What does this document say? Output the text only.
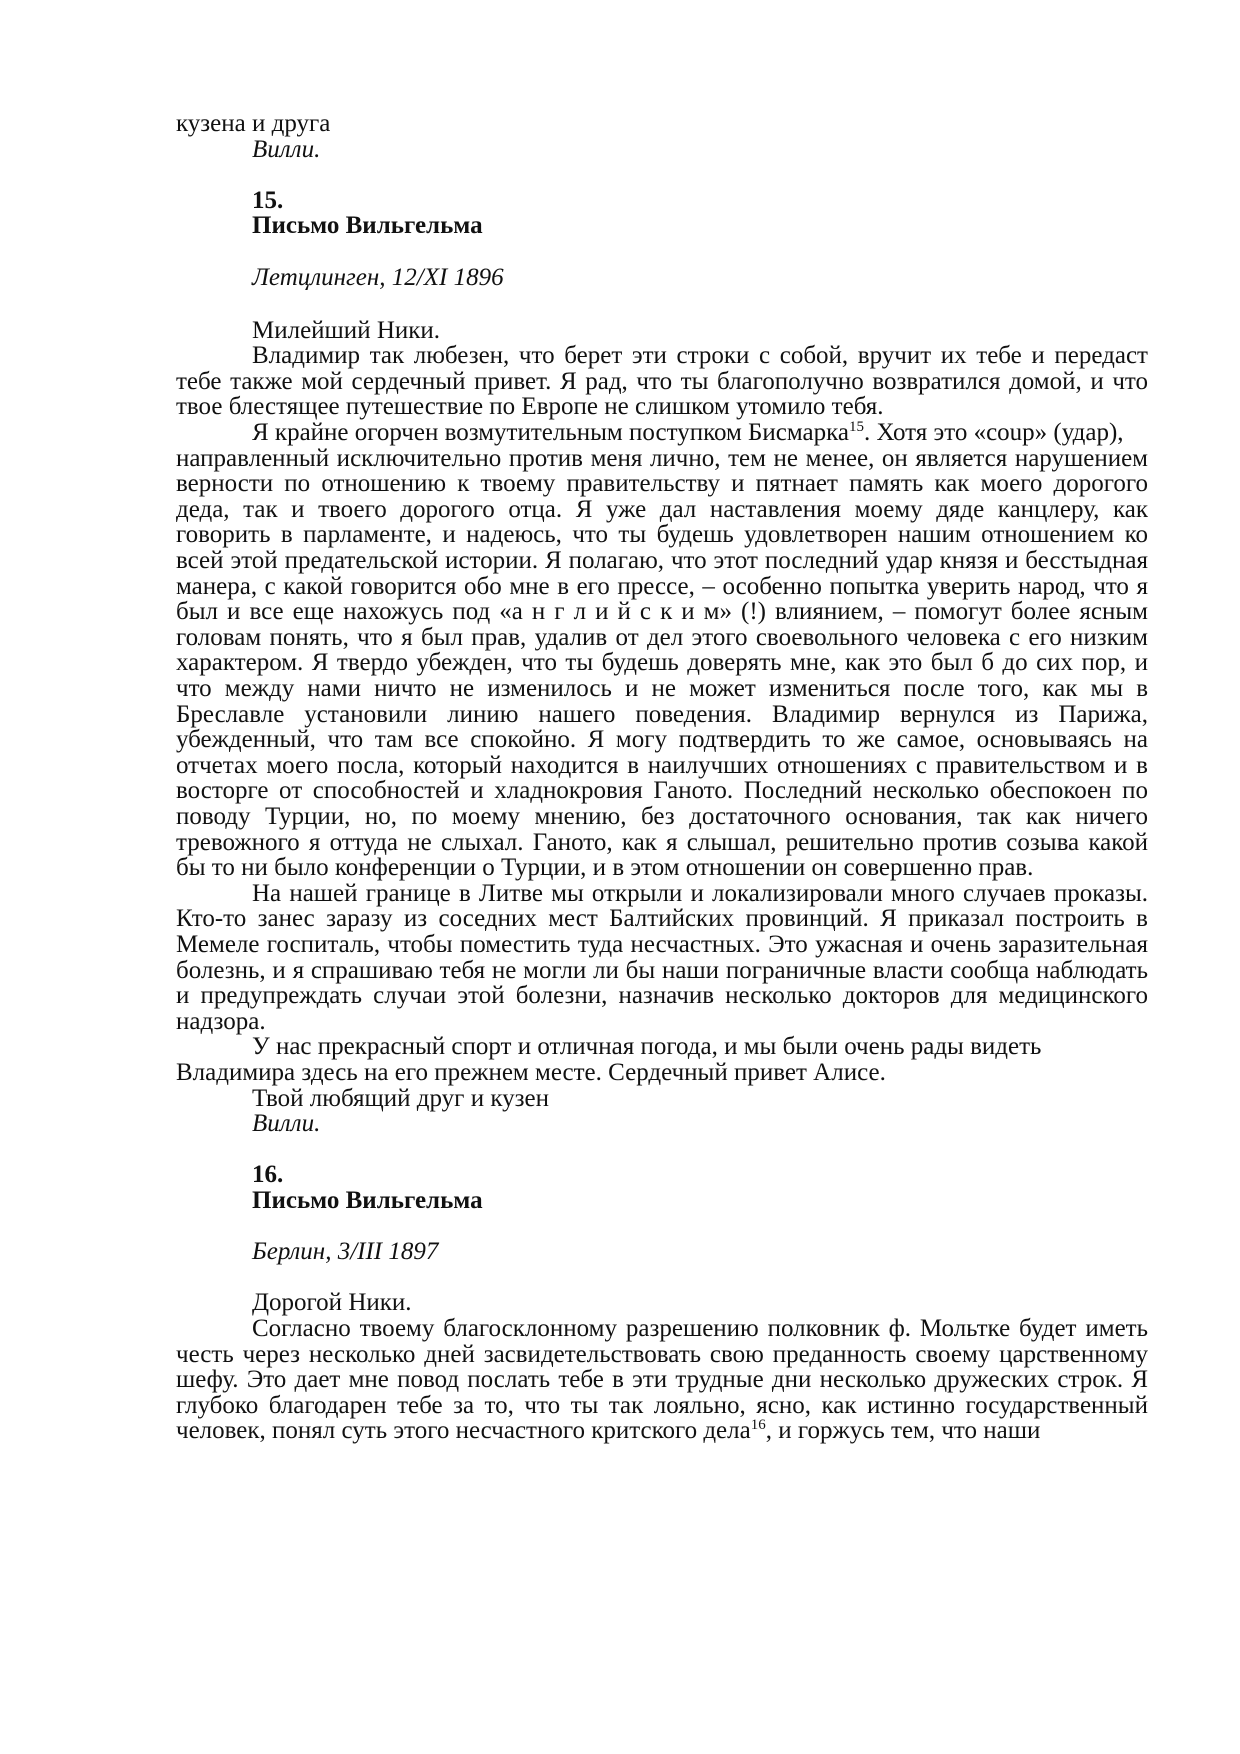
кузена и друга
Вилли.
15.
Письмо Вильгельма
Летцлинген, 12/XI 1896
Милейший Ники.
Владимир так любезен, что берет эти строки с собой, вручит их тебе и передаст
тебе также мой сердечный привет. Я рад, что ты благополучно возвратился домой, и что
твое блестящее путешествие по Европе не слишком утомило тебя.
Я крайне огорчен возмутительным поступком Бисмарка$^{15}$. Хотя это «coup» (удар),
направленный исключительно против меня лично, тем не менее, он является нарушением
верности по отношению к твоему правительству и пятнает память как моего дорогого
деда, так и твоего дорогого отца. Я уже дал наставления моему дяде канцлеру, как
говорить в парламенте, и надеюсь, что ты будешь удовлетворен нашим отношением ко
всей этой предательской истории. Я полагаю, что этот последний удар князя и бесстыдная
манера, с какой говорится обо мне в его прессе, – особенно попытка уверить народ, что я
был и все еще нахожусь под «а н г л и й с к и м» (!) влиянием, – помогут более ясным
головам понять, что я был прав, удалив от дел этого своевольного человека с его низким
характером. Я твердо убежден, что ты будешь доверять мне, как это был б до сих пор, и
что между нами ничто не изменилось и не может измениться после того, как мы в
Бреславле установили линию нашего поведения. Владимир вернулся из Парижа,
убежденный, что там все спокойно. Я могу подтвердить то же самое, основываясь на
отчетах моего посла, который находится в наилучших отношениях с правительством и в
восторге от способностей и хладнокровия Ганото. Последний несколько обеспокоен по
поводу Турции, но, по моему мнению, без достаточного основания, так как ничего
тревожного я оттуда не слыхал. Ганото, как я слышал, решительно против созыва какой
бы то ни было конференции о Турции, и в этом отношении он совершенно прав.
На нашей границе в Литве мы открыли и локализировали много случаев проказы.
Кто-то занес заразу из соседних мест Балтийских провинций. Я приказал построить в
Мемеле госпиталь, чтобы поместить туда несчастных. Это ужасная и очень заразительная
болезнь, и я спрашиваю тебя не могли ли бы наши пограничные власти сообща наблюдать
и предупреждать случаи этой болезни, назначив несколько докторов для медицинского
надзора.
У нас прекрасный спорт и отличная погода, и мы были очень рады видеть
Владимира здесь на его прежнем месте. Сердечный привет Алисе.
Твой любящий друг и кузен
Вилли.
16.
Письмо Вильгельма
Берлин, 3/III 1897
Дорогой Ники.
Согласно твоему благосклонному разрешению полковник ф. Мольтке будет иметь
честь через несколько дней засвидетельствовать свою преданность своему царственному
шефу. Это дает мне повод послать тебе в эти трудные дни несколько дружеских строк. Я
глубоко благодарен тебе за то, что ты так лояльно, ясно, как истинно государственный
человек, понял суть этого несчастного критского дела$^{16}$, и горжусь тем, что наши
